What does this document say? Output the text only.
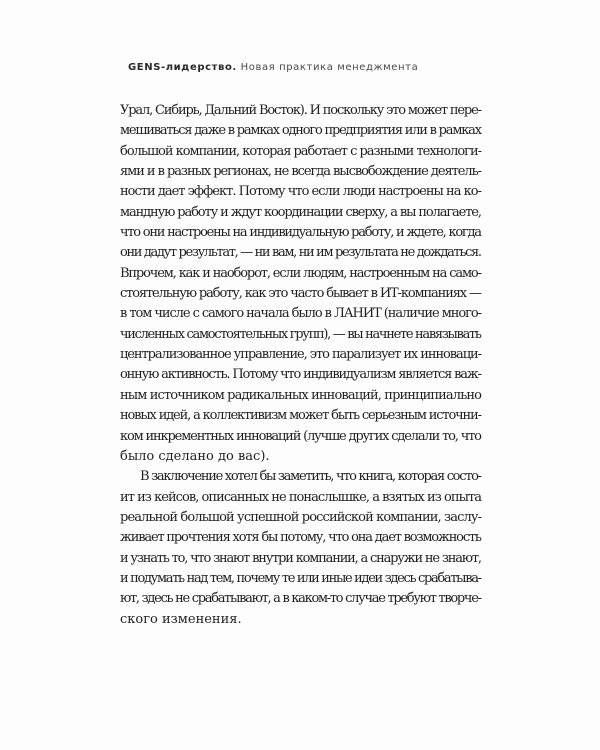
GENS-лидерство. Новая практика менеджмента

Урал, Сибирь, Дальний Восток). И поскольку это может пере-
мешиваться даже в рамках одного предприятия или в рамках
большой компании, которая работает с разными технологи-
ями и в разных регионах, не всегда высвобождение деятель-
ности дает эффект. Потому что если люди настроены на ко-
мандную работу и ждут координации сверху, а вы полагаете,
что они настроены на индивидуальную работу, и ждете, когда
они дадут результат, — ни вам, ни им результата не дождаться.
Впрочем, как и наоборот, если людям, настроенным на само-
стоятельную работу, как это часто бывает в ИТ-компаниях —
в том числе с самого начала было в ЛАНИТ (наличие много-
численных самостоятельных групп), — вы начнете навязывать
централизованное управление, это парализует их инноваци-
онную активность. Потому что индивидуализм является важ-
ным источником радикальных инноваций, принципиально
новых идей, а коллективизм может быть серьезным источни-
ком инкрементных инноваций (лучше других сделали то, что
было сделано до вас).

В заключение хотел бы заметить, что книга, которая состо-
ит из кейсов, описанных не понаслышке, а взятых из опыта
реальной большой успешной российской компании, заслу-
живает прочтения хотя бы потому, что она дает возможность
и узнать то, что знают внутри компании, а снаружи не знают,
и подумать над тем, почему те или иные идеи здесь срабатыва-
ют, здесь не срабатывают, а в каком-то случае требуют творче-
ского изменения.
